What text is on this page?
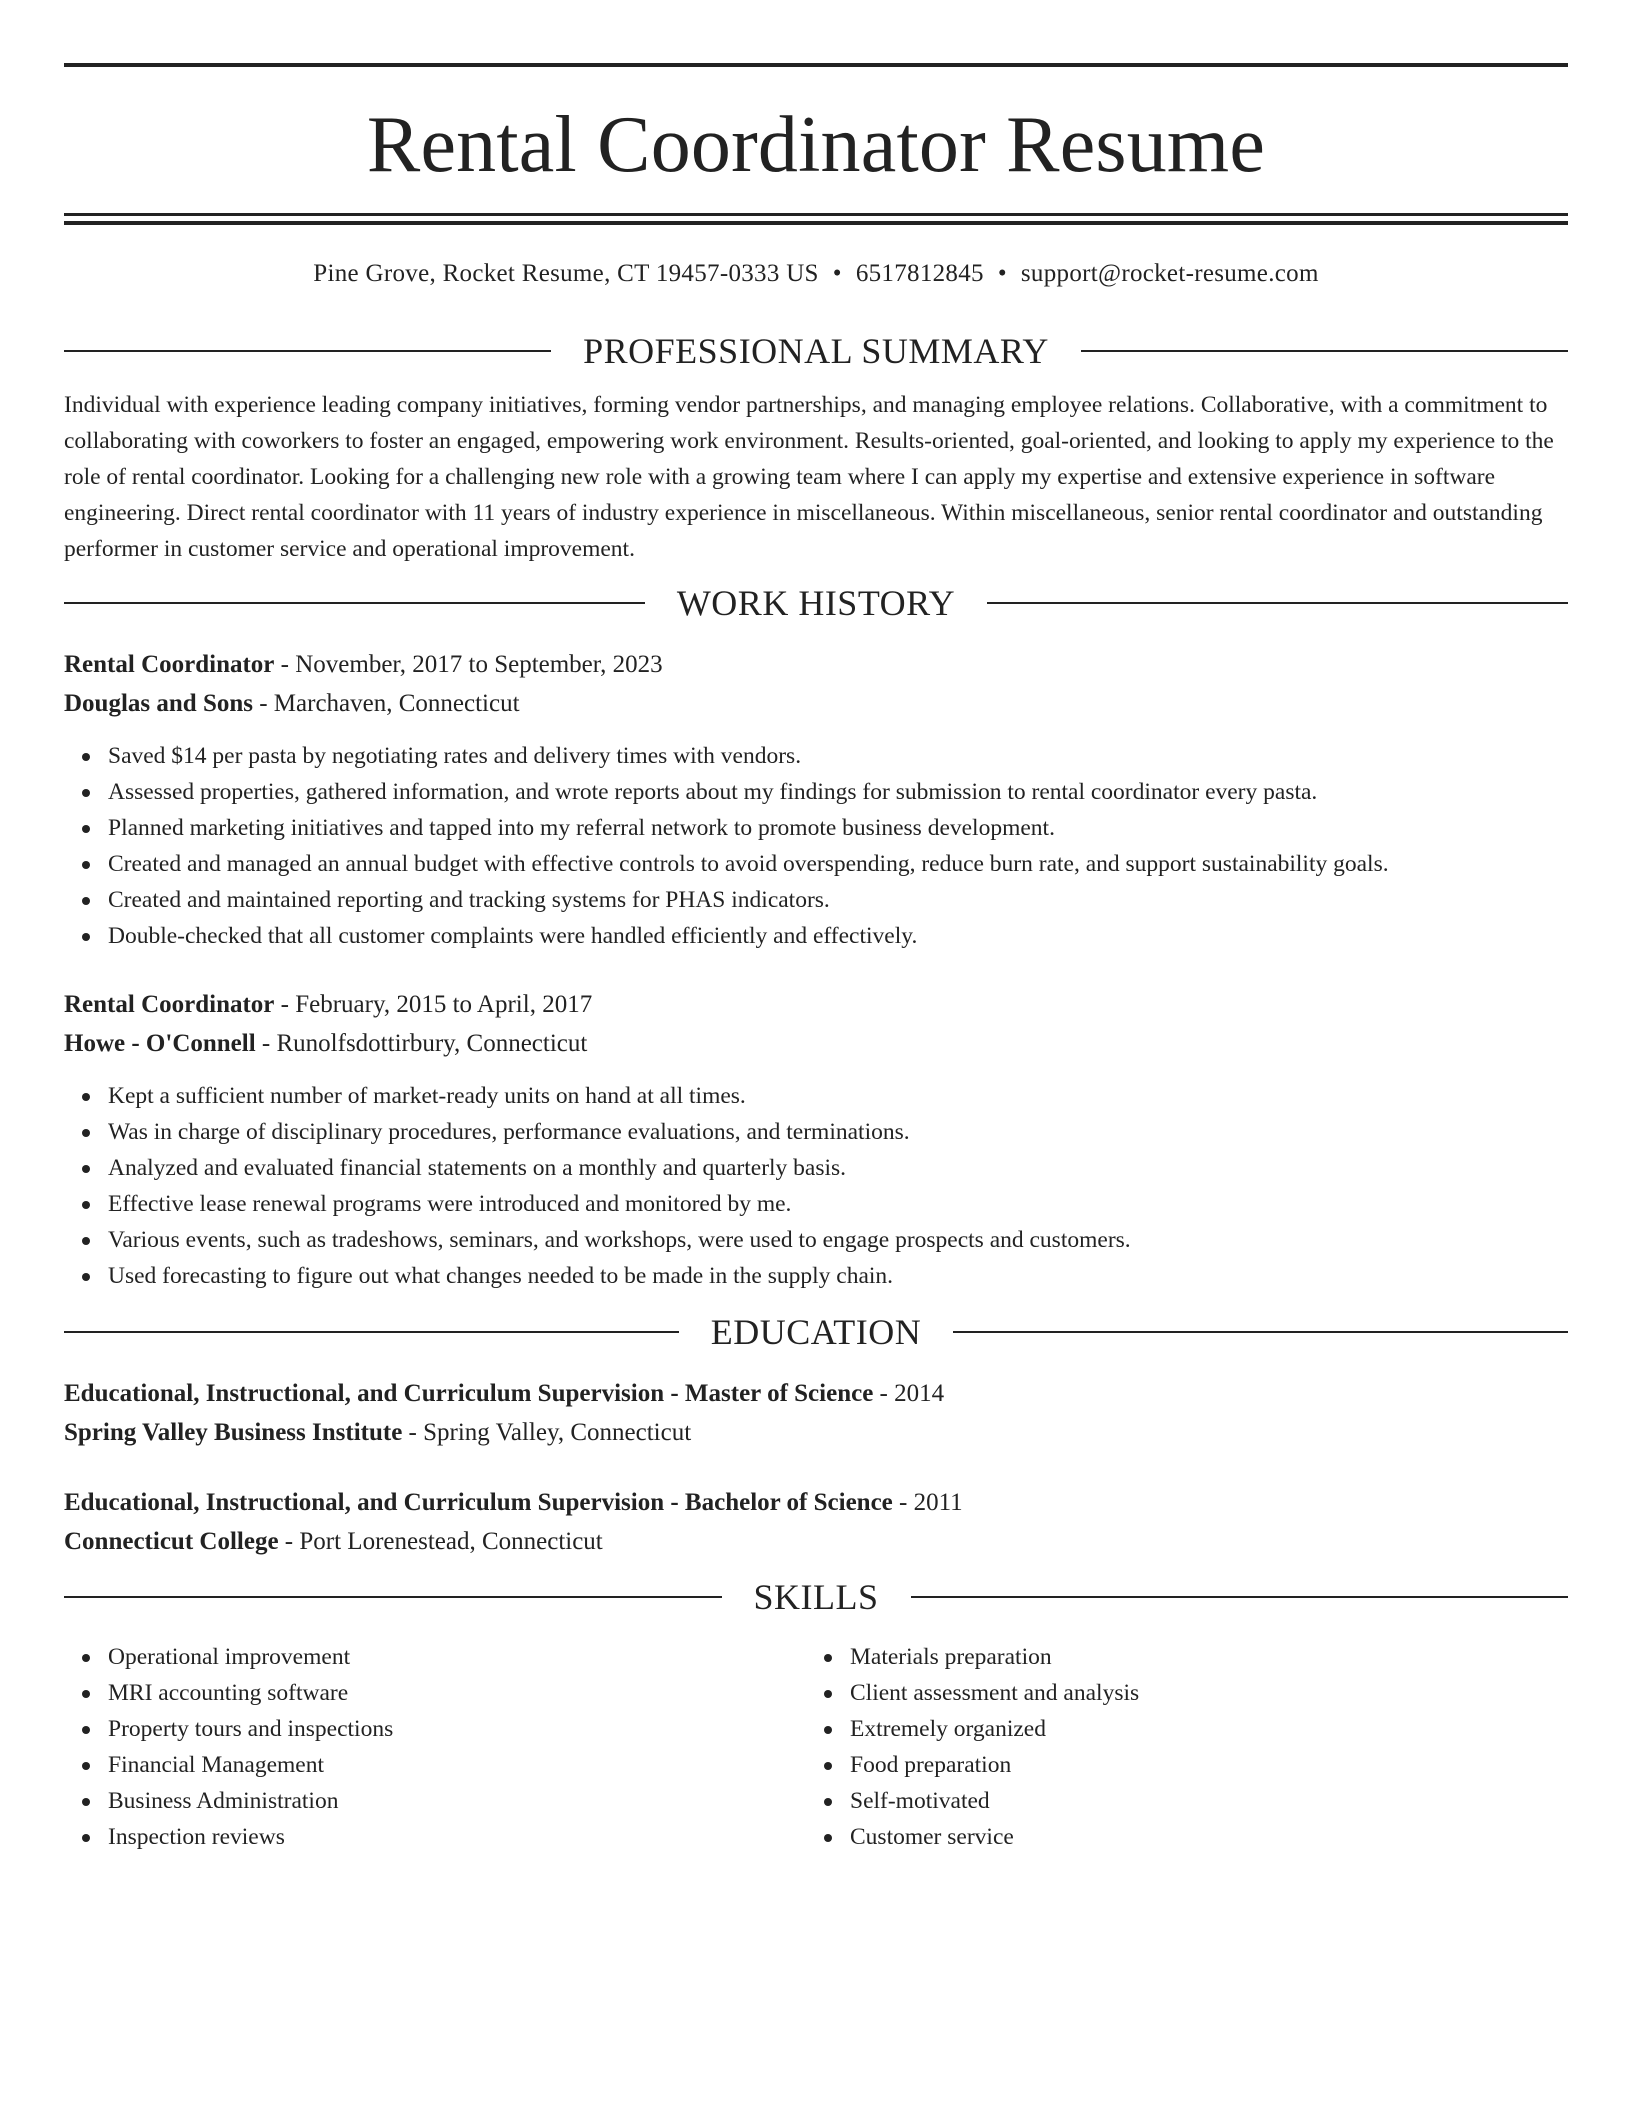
Rental Coordinator Resume
Pine Grove, Rocket Resume, CT 19457-0333 US • 6517812845 • support@rocket-resume.com
PROFESSIONAL SUMMARY

Individual with experience leading company initiatives, forming vendor partnerships, and managing employee relations. Collaborative, with a commitment to collaborating with coworkers to foster an engaged, empowering work environment. Results-oriented, goal-oriented, and looking to apply my experience to the role of rental coordinator. Looking for a challenging new role with a growing team where I can apply my expertise and extensive experience in software engineering. Direct rental coordinator with 11 years of industry experience in miscellaneous. Within miscellaneous, senior rental coordinator and outstanding performer in customer service and operational improvement.

WORK HISTORY
Rental Coordinator - November, 2017 to September, 2023
Douglas and Sons - Marchaven, Connecticut
Saved $14 per pasta by negotiating rates and delivery times with vendors.
Assessed properties, gathered information, and wrote reports about my findings for submission to rental coordinator every pasta.
Planned marketing initiatives and tapped into my referral network to promote business development.
Created and managed an annual budget with effective controls to avoid overspending, reduce burn rate, and support sustainability goals.
Created and maintained reporting and tracking systems for PHAS indicators.
Double-checked that all customer complaints were handled efficiently and effectively.
Rental Coordinator - February, 2015 to April, 2017
Howe - O'Connell - Runolfsdottirbury, Connecticut
Kept a sufficient number of market-ready units on hand at all times.
Was in charge of disciplinary procedures, performance evaluations, and terminations.
Analyzed and evaluated financial statements on a monthly and quarterly basis.
Effective lease renewal programs were introduced and monitored by me.
Various events, such as tradeshows, seminars, and workshops, were used to engage prospects and customers.
Used forecasting to figure out what changes needed to be made in the supply chain.
EDUCATION
Educational, Instructional, and Curriculum Supervision - Master of Science - 2014
Spring Valley Business Institute - Spring Valley, Connecticut
Educational, Instructional, and Curriculum Supervision - Bachelor of Science - 2011
Connecticut College - Port Lorenestead, Connecticut
SKILLS
Operational improvement
MRI accounting software
Property tours and inspections
Financial Management
Business Administration
Inspection reviews
Materials preparation
Client assessment and analysis
Extremely organized
Food preparation
Self-motivated
Customer service
